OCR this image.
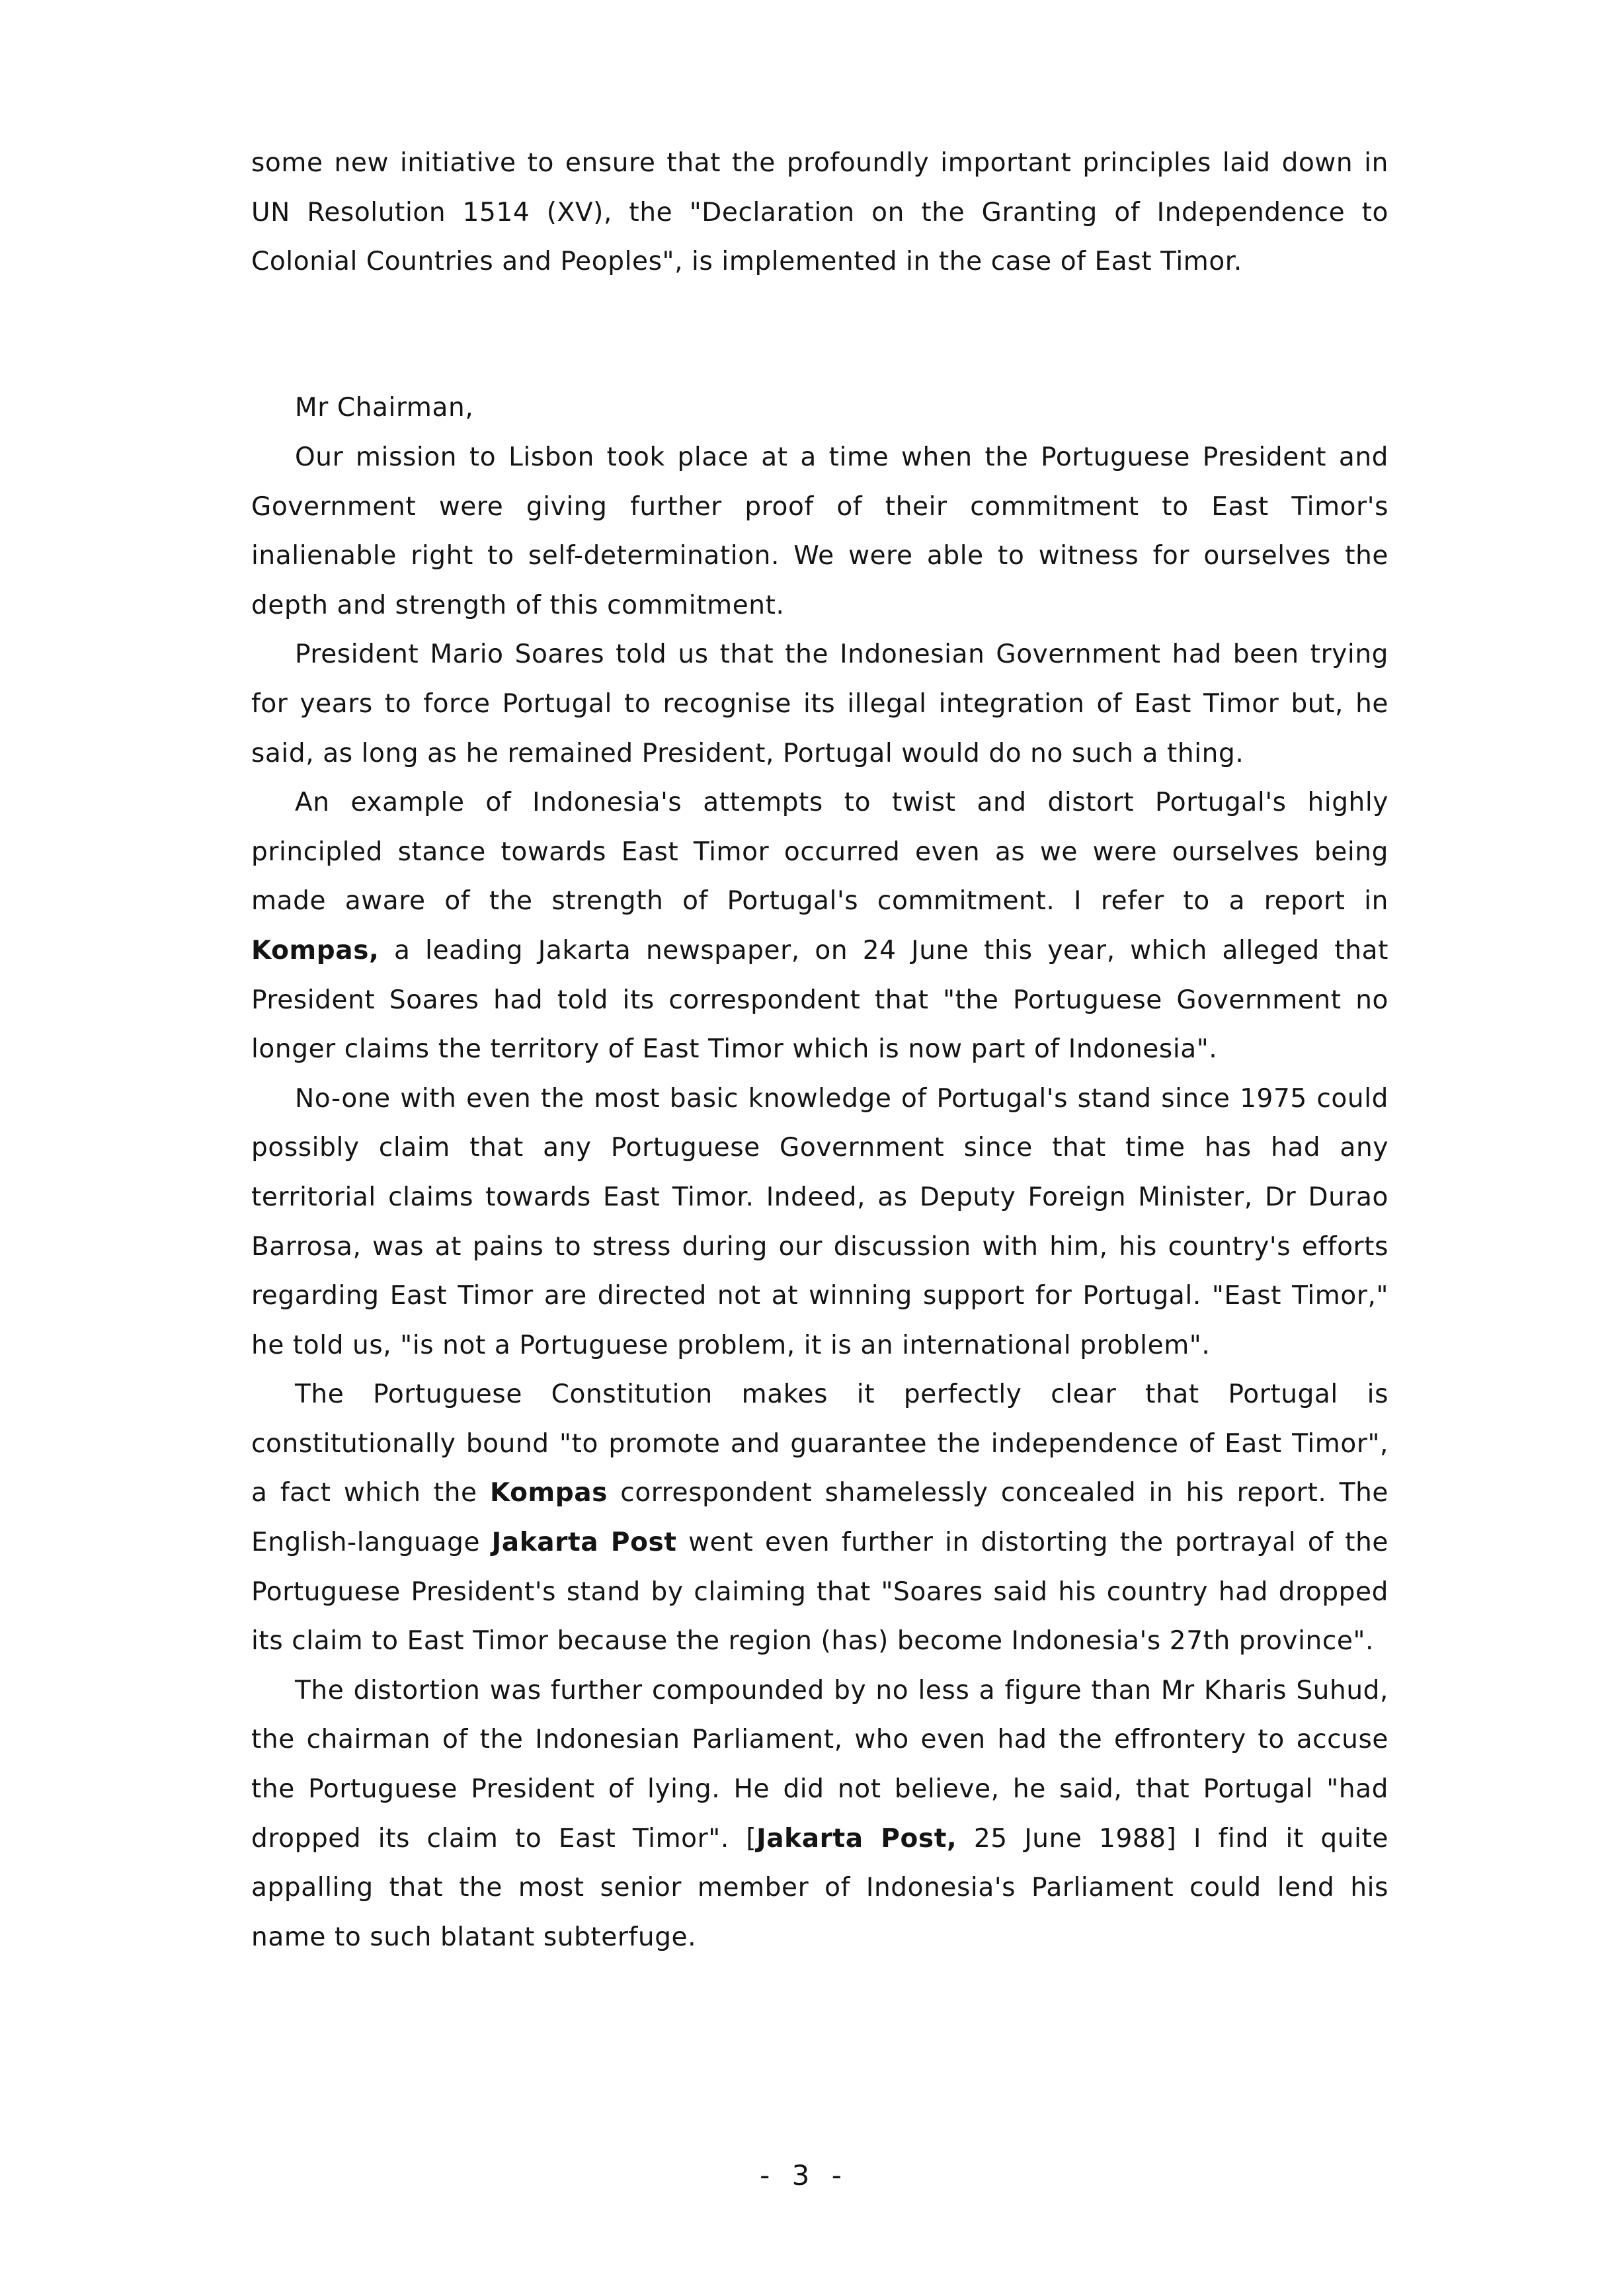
some new initiative to ensure that the profoundly important principles laid down in UN Resolution 1514 (XV), the "Declaration on the Granting of Independence to Colonial Countries and Peoples", is implemented in the case of East Timor.

Mr Chairman,

Our mission to Lisbon took place at a time when the Portuguese President and Government were giving further proof of their commitment to East Timor's inalienable right to self-determination. We were able to witness for ourselves the depth and strength of this commitment.

President Mario Soares told us that the Indonesian Government had been trying for years to force Portugal to recognise its illegal integration of East Timor but, he said, as long as he remained President, Portugal would do no such a thing.

An example of Indonesia's attempts to twist and distort Portugal's highly principled stance towards East Timor occurred even as we were ourselves being made aware of the strength of Portugal's commitment. I refer to a report in Kompas, a leading Jakarta newspaper, on 24 June this year, which alleged that President Soares had told its correspondent that "the Portuguese Government no longer claims the territory of East Timor which is now part of Indonesia".

No-one with even the most basic knowledge of Portugal's stand since 1975 could possibly claim that any Portuguese Government since that time has had any territorial claims towards East Timor. Indeed, as Deputy Foreign Minister, Dr Durao Barrosa, was at pains to stress during our discussion with him, his country's efforts regarding East Timor are directed not at winning support for Portugal. "East Timor," he told us, "is not a Portuguese problem, it is an international problem".

The Portuguese Constitution makes it perfectly clear that Portugal is constitutionally bound "to promote and guarantee the independence of East Timor", a fact which the Kompas correspondent shamelessly concealed in his report. The English-language Jakarta Post went even further in distorting the portrayal of the Portuguese President's stand by claiming that "Soares said his country had dropped its claim to East Timor because the region (has) become Indonesia's 27th province".

The distortion was further compounded by no less a figure than Mr Kharis Suhud, the chairman of the Indonesian Parliament, who even had the effrontery to accuse the Portuguese President of lying. He did not believe, he said, that Portugal "had dropped its claim to East Timor". [Jakarta Post, 25 June 1988] I find it quite appalling that the most senior member of Indonesia's Parliament could lend his name to such blatant subterfuge.

- 3 -
